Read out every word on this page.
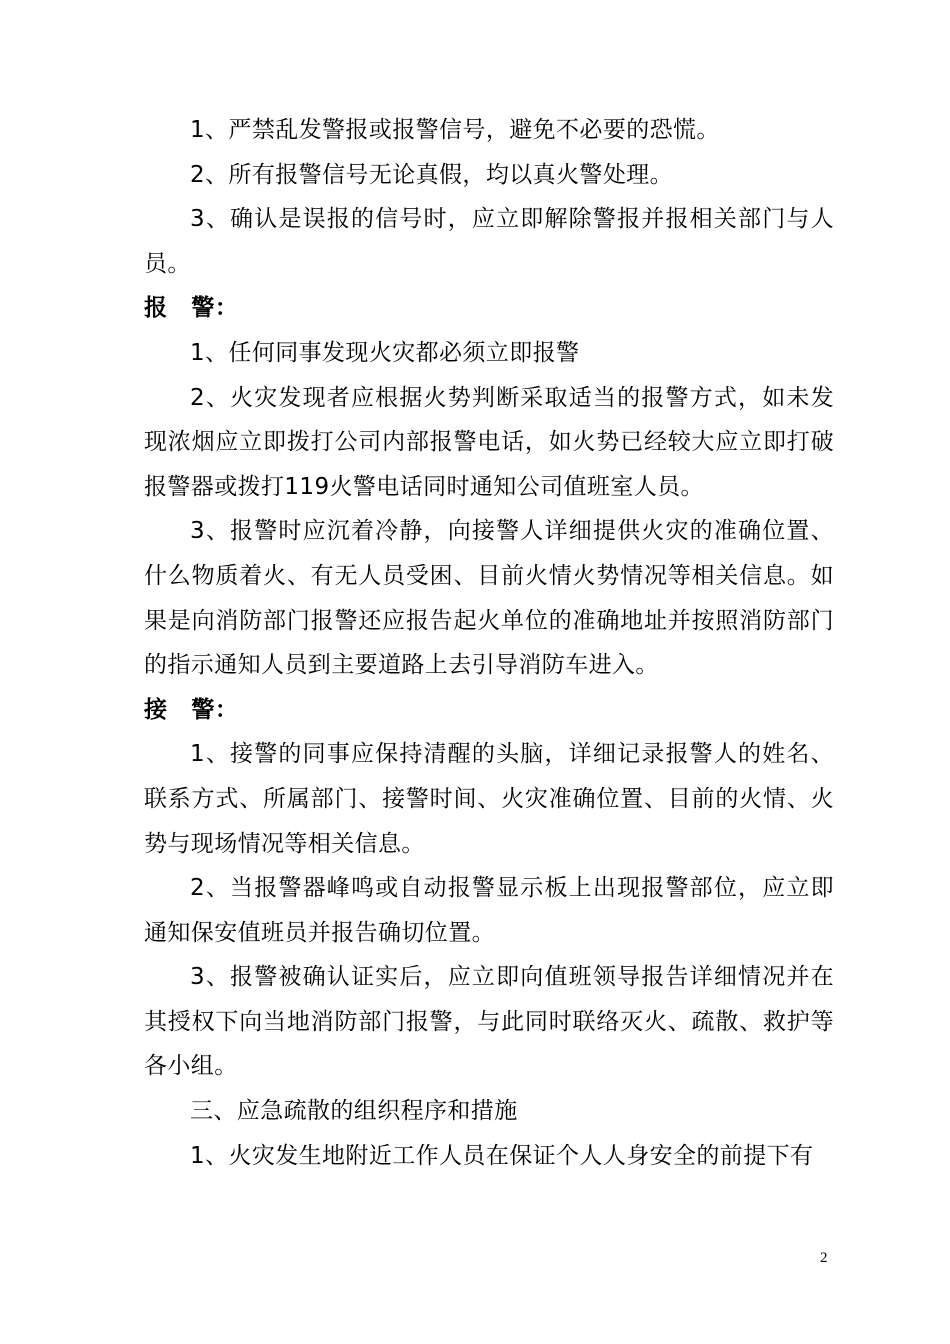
1、严禁乱发警报或报警信号，避免不必要的恐慌。

2、所有报警信号无论真假，均以真火警处理。

3、确认是误报的信号时，应立即解除警报并报相关部门与人员。

报 警：

1、任何同事发现火灾都必须立即报警

2、火灾发现者应根据火势判断采取适当的报警方式，如未发现浓烟应立即拨打公司内部报警电话，如火势已经较大应立即打破报警器或拨打119火警电话同时通知公司值班室人员。

3、报警时应沉着冷静，向接警人详细提供火灾的准确位置、什么物质着火、有无人员受困、目前火情火势情况等相关信息。如果是向消防部门报警还应报告起火单位的准确地址并按照消防部门的指示通知人员到主要道路上去引导消防车进入。

接 警：

1、接警的同事应保持清醒的头脑，详细记录报警人的姓名、联系方式、所属部门、接警时间、火灾准确位置、目前的火情、火势与现场情况等相关信息。

2、当报警器峰鸣或自动报警显示板上出现报警部位，应立即通知保安值班员并报告确切位置。

3、报警被确认证实后，应立即向值班领导报告详细情况并在其授权下向当地消防部门报警，与此同时联络灭火、疏散、救护等各小组。

三、应急疏散的组织程序和措施

1、火灾发生地附近工作人员在保证个人人身安全的前提下有

2
